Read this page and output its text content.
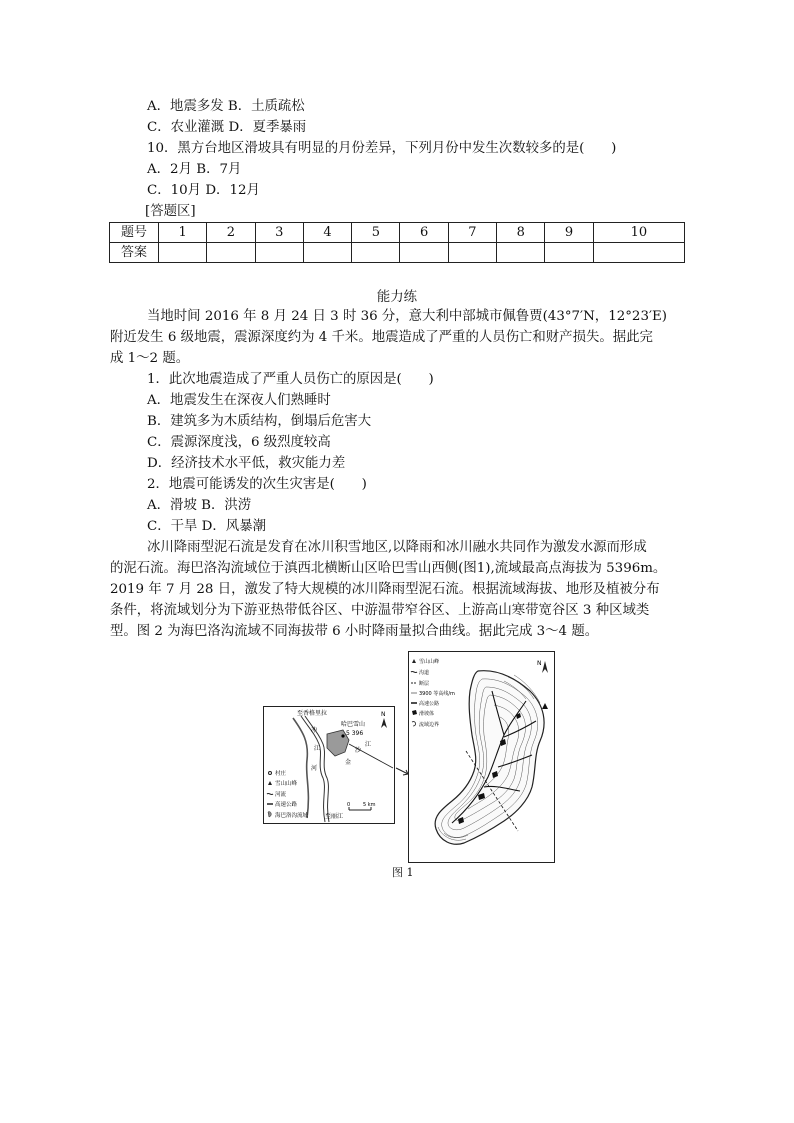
A．地震多发 B．土质疏松
C．农业灌溉 D．夏季暴雨
10．黑方台地区滑坡具有明显的月份差异，下列月份中发生次数较多的是(　　)
A．2月 B．7月
C．10月 D．12月
[答题区]
题号	1	2	3	4	5	6	7	8	9	10
答案										
能力练
当地时间 2016 年 8 月 24 日 3 时 36 分，意大利中部城市佩鲁贾(43°7′N，12°23′E)
附近发生 6 级地震，震源深度约为 4 千米。地震造成了严重的人员伤亡和财产损失。据此完
成 1～2 题。
1．此次地震造成了严重人员伤亡的原因是(　　)
A．地震发生在深夜人们熟睡时
B．建筑多为木质结构，倒塌后危害大
C．震源深度浅，6 级烈度较高
D．经济技术水平低，救灾能力差
2．地震可能诱发的次生灾害是(　　)
A．滑坡 B．洪涝
C．干旱 D．风暴潮
冰川降雨型泥石流是发育在冰川积雪地区,以降雨和冰川融水共同作为激发水源而形成
的泥石流。海巴洛沟流域位于滇西北横断山区哈巴雪山西侧(图1),流域最高点海拔为 5396m。
2019 年 7 月 28 日，激发了特大规模的冰川降雨型泥石流。根据流域海拔、地形及植被分布
条件，将流域划分为下游亚热带低谷区、中游温带窄谷区、上游高山寒带宽谷区 3 种区域类
型。图 2 为海巴洛沟流域不同海拔带 6 小时降雨量拟合曲线。据此完成 3～4 题。
至香格里拉
哈巴雪山
5 396
冲
江
河
金
沙
江
至丽江
N
0	5 km
村庄
雪山山峰
河流
高速公路
海巴洛沟流域
N
雪山山峰
沟道
断层
3900 等高线/m
高速公路
滑坡体
流域边界
图 1
